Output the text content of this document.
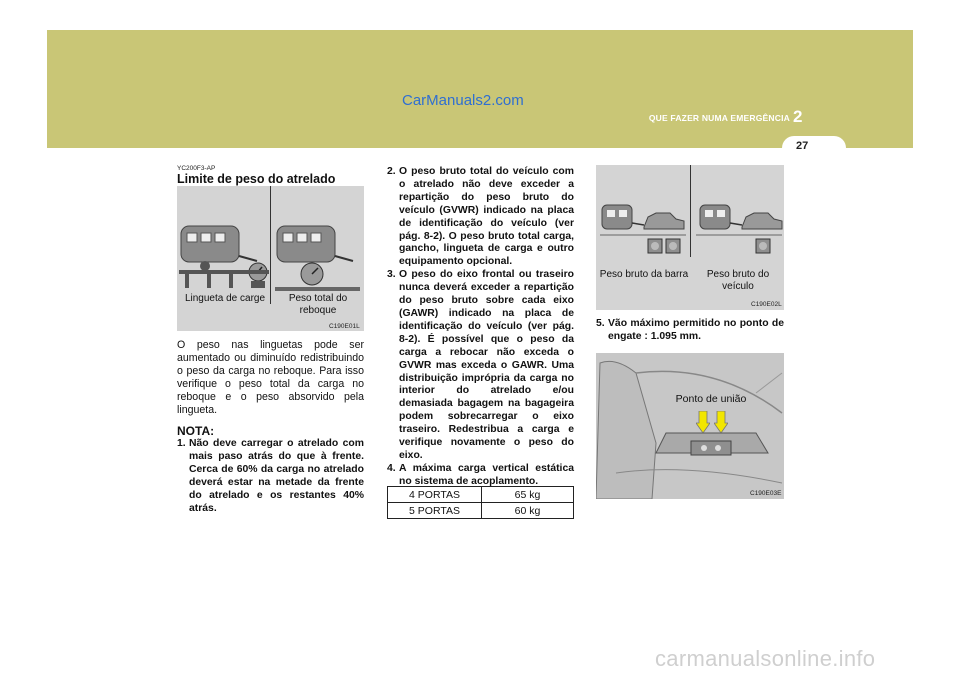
CarManuals2.com
QUE FAZER NUMA EMERGÊNCIA 2
27
YC200F3-AP
Limite de peso do atrelado
Lingueta de carge	Peso total do reboque
C190E01L
O peso nas linguetas pode ser aumentado ou diminuído redistribuindo o peso da carga no reboque. Para isso verifique o peso total da carga no reboque e o peso absorvido pela lingueta.
NOTA:
1. Não deve carregar o atrelado com mais paso atrás do que à frente. Cerca de 60% da carga no atrelado deverá estar na metade da frente do atrelado e os restantes 40% atrás.
2. O peso bruto total do veículo com o atrelado não deve exceder a repartição do peso bruto do veículo (GVWR) indicado na placa de identificação do veículo (ver pág. 8-2). O peso bruto total carga, gancho, lingueta de carga e outro equipamento opcional.
3. O peso do eixo frontal ou traseiro nunca deverá exceder a repartição do peso bruto sobre cada eixo (GAWR) indicado na placa de identificação do veículo (ver pág. 8-2). É possível que o peso da carga a rebocar não exceda o GVWR mas exceda o GAWR. Uma distribuição imprópria da carga no interior do atrelado e/ou demasiada bagagem na bagageira podem sobrecarregar o eixo traseiro. Redestribua a carga e verifique novamente o peso do eixo.
4. A máxima carga vertical estática no sistema de acoplamento.
4 PORTAS	65 kg
5 PORTAS	60 kg
Peso bruto da barra	Peso bruto do veículo
C190E02L
5. Vão máximo permitido no ponto de engate : 1.095 mm.
Ponto de união
C190E03E
carmanualsonline.info
